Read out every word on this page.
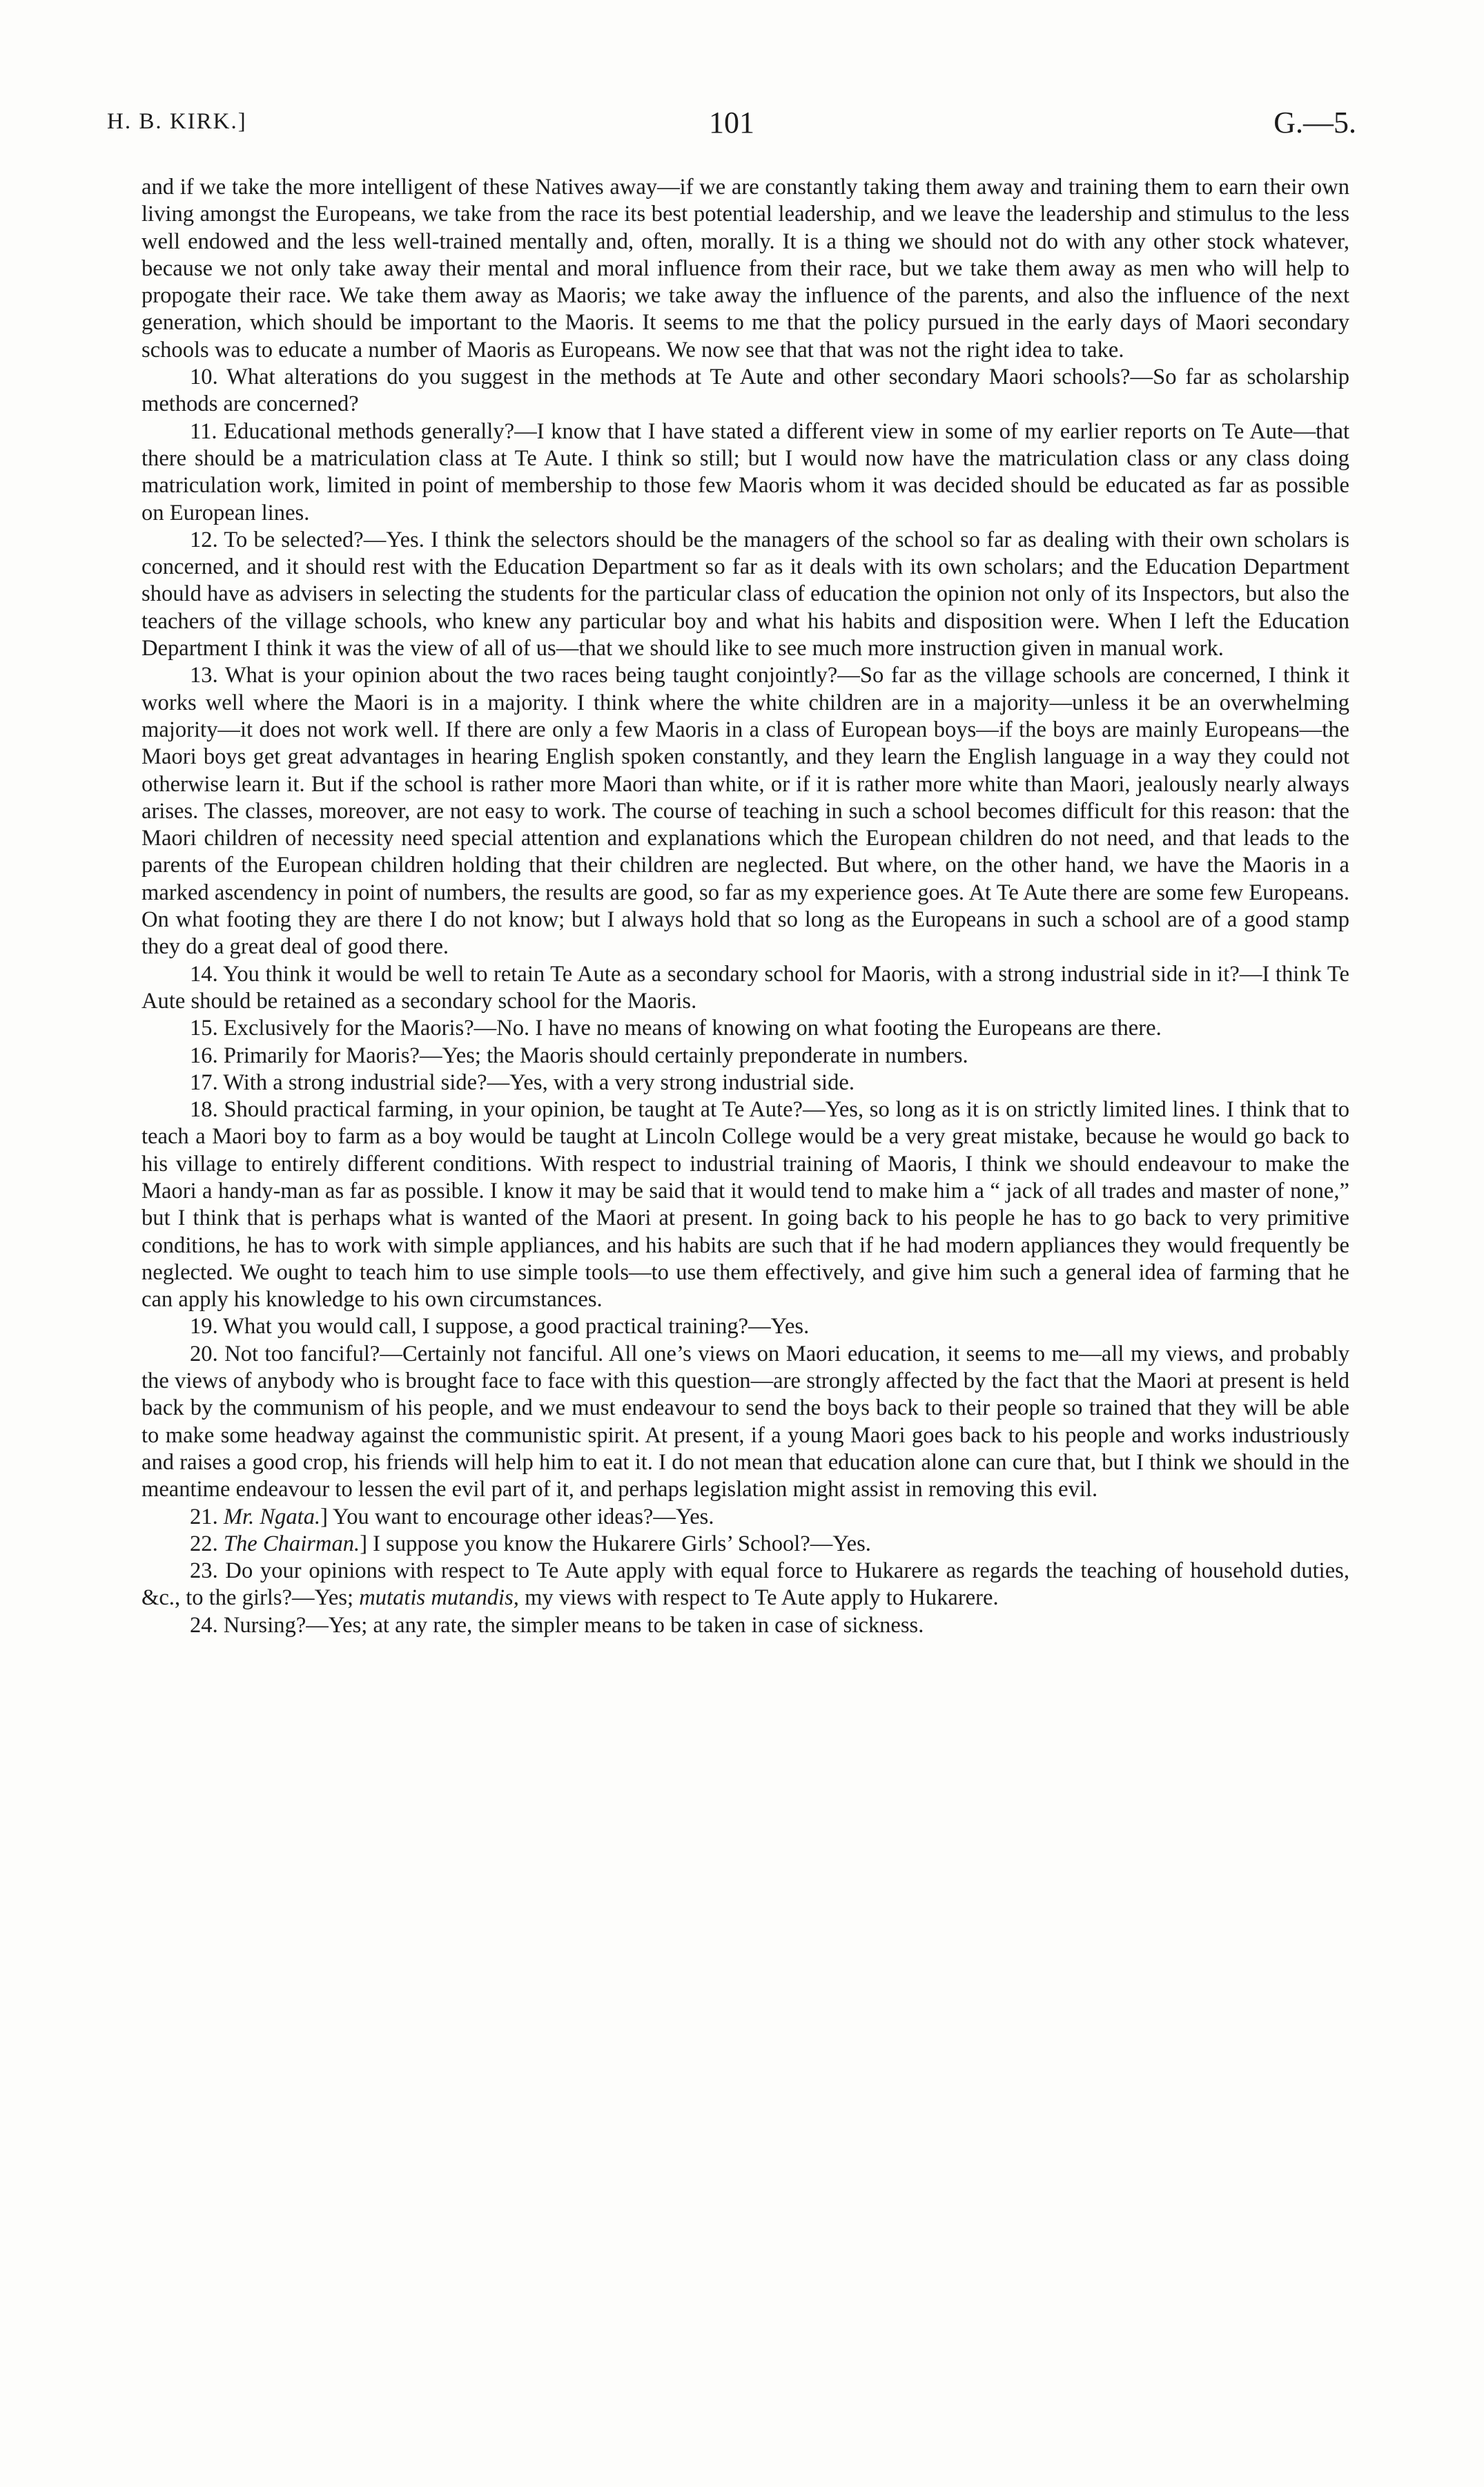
H. B. KIRK.]	101	G.—5.

and if we take the more intelligent of these Natives away—if we are constantly taking them away and training them to earn their own living amongst the Europeans, we take from the race its best potential leadership, and we leave the leadership and stimulus to the less well endowed and the less well-trained mentally and, often, morally. It is a thing we should not do with any other stock whatever, because we not only take away their mental and moral influence from their race, but we take them away as men who will help to propogate their race. We take them away as Maoris; we take away the influence of the parents, and also the influence of the next generation, which should be important to the Maoris. It seems to me that the policy pursued in the early days of Maori secondary schools was to educate a number of Maoris as Europeans. We now see that that was not the right idea to take.

10. What alterations do you suggest in the methods at Te Aute and other secondary Maori schools?—So far as scholarship methods are concerned?

11. Educational methods generally?—I know that I have stated a different view in some of my earlier reports on Te Aute—that there should be a matriculation class at Te Aute. I think so still; but I would now have the matriculation class or any class doing matriculation work, limited in point of membership to those few Maoris whom it was decided should be educated as far as possible on European lines.

12. To be selected?—Yes. I think the selectors should be the managers of the school so far as dealing with their own scholars is concerned, and it should rest with the Education Department so far as it deals with its own scholars; and the Education Department should have as advisers in selecting the students for the particular class of education the opinion not only of its Inspectors, but also the teachers of the village schools, who knew any particular boy and what his habits and disposition were. When I left the Education Department I think it was the view of all of us—that we should like to see much more instruction given in manual work.

13. What is your opinion about the two races being taught conjointly?—So far as the village schools are concerned, I think it works well where the Maori is in a majority. I think where the white children are in a majority—unless it be an overwhelming majority—it does not work well. If there are only a few Maoris in a class of European boys—if the boys are mainly Europeans—the Maori boys get great advantages in hearing English spoken constantly, and they learn the English language in a way they could not otherwise learn it. But if the school is rather more Maori than white, or if it is rather more white than Maori, jealously nearly always arises. The classes, moreover, are not easy to work. The course of teaching in such a school becomes difficult for this reason: that the Maori children of necessity need special attention and explanations which the European children do not need, and that leads to the parents of the European children holding that their children are neglected. But where, on the other hand, we have the Maoris in a marked ascendency in point of numbers, the results are good, so far as my experience goes. At Te Aute there are some few Europeans. On what footing they are there I do not know; but I always hold that so long as the Europeans in such a school are of a good stamp they do a great deal of good there.

14. You think it would be well to retain Te Aute as a secondary school for Maoris, with a strong industrial side in it?—I think Te Aute should be retained as a secondary school for the Maoris.

15. Exclusively for the Maoris?—No. I have no means of knowing on what footing the Europeans are there.

16. Primarily for Maoris?—Yes; the Maoris should certainly preponderate in numbers.

17. With a strong industrial side?—Yes, with a very strong industrial side.

18. Should practical farming, in your opinion, be taught at Te Aute?—Yes, so long as it is on strictly limited lines. I think that to teach a Maori boy to farm as a boy would be taught at Lincoln College would be a very great mistake, because he would go back to his village to entirely different conditions. With respect to industrial training of Maoris, I think we should endeavour to make the Maori a handy-man as far as possible. I know it may be said that it would tend to make him a “ jack of all trades and master of none,” but I think that is perhaps what is wanted of the Maori at present. In going back to his people he has to go back to very primitive conditions, he has to work with simple appliances, and his habits are such that if he had modern appliances they would frequently be neglected. We ought to teach him to use simple tools—to use them effectively, and give him such a general idea of farming that he can apply his knowledge to his own circumstances.

19. What you would call, I suppose, a good practical training?—Yes.

20. Not too fanciful?—Certainly not fanciful. All one’s views on Maori education, it seems to me—all my views, and probably the views of anybody who is brought face to face with this question—are strongly affected by the fact that the Maori at present is held back by the communism of his people, and we must endeavour to send the boys back to their people so trained that they will be able to make some headway against the communistic spirit. At present, if a young Maori goes back to his people and works industriously and raises a good crop, his friends will help him to eat it. I do not mean that education alone can cure that, but I think we should in the meantime endeavour to lessen the evil part of it, and perhaps legislation might assist in removing this evil.

21. Mr. Ngata.] You want to encourage other ideas?—Yes.

22. The Chairman.] I suppose you know the Hukarere Girls’ School?—Yes.

23. Do your opinions with respect to Te Aute apply with equal force to Hukarere as regards the teaching of household duties, &c., to the girls?—Yes; mutatis mutandis, my views with respect to Te Aute apply to Hukarere.

24. Nursing?—Yes; at any rate, the simpler means to be taken in case of sickness.
